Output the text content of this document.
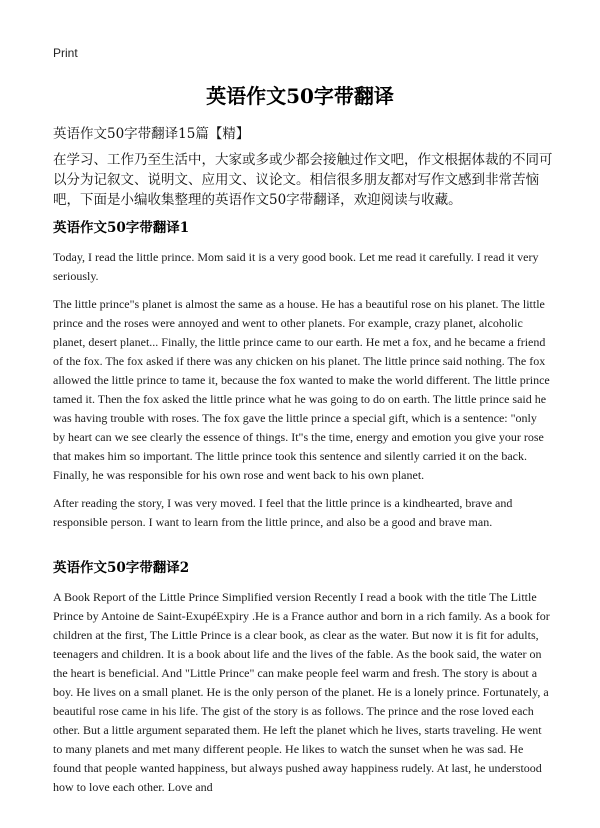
Print
英语作文50字带翻译
英语作文50字带翻译15篇【精】

在学习、工作乃至生活中，大家或多或少都会接触过作文吧，作文根据体裁的不同可以分为记叙文、说明文、应用文、议论文。相信很多朋友都对写作文感到非常苦恼吧，下面是小编收集整理的英语作文50字带翻译，欢迎阅读与收藏。

英语作文50字带翻译1

Today, I read the little prince. Mom said it is a very good book. Let me read it carefully. I read it very seriously.

The little prince"s planet is almost the same as a house. He has a beautiful rose on his planet. The little prince and the roses were annoyed and went to other planets. For example, crazy planet, alcoholic planet, desert planet... Finally, the little prince came to our earth. He met a fox, and he became a friend of the fox. The fox asked if there was any chicken on his planet. The little prince said nothing. The fox allowed the little prince to tame it, because the fox wanted to make the world different. The little prince tamed it. Then the fox asked the little prince what he was going to do on earth. The little prince said he was having trouble with roses. The fox gave the little prince a special gift, which is a sentence: "only by heart can we see clearly the essence of things. It"s the time, energy and emotion you give your rose that makes him so important. The little prince took this sentence and silently carried it on the back. Finally, he was responsible for his own rose and went back to his own planet.

After reading the story, I was very moved. I feel that the little prince is a kindhearted, brave and responsible person. I want to learn from the little prince, and also be a good and brave man.

英语作文50字带翻译2

A Book Report of the Little Prince Simplified version Recently I read a book with the title The Little Prince by Antoine de Saint-ExupéExpiry .He is a France author and born in a rich family. As a book for children at the first, The Little Prince is a clear book, as clear as the water. But now it is fit for adults, teenagers and children. It is a book about life and the lives of the fable. As the book said, the water on the heart is beneficial. And "Little Prince" can make people feel warm and fresh. The story is about a boy. He lives on a small planet. He is the only person of the planet. He is a lonely prince. Fortunately, a beautiful rose came in his life. The gist of the story is as follows. The prince and the rose loved each other. But a little argument separated them. He left the planet which he lives, starts traveling. He went to many planets and met many different people. He likes to watch the sunset when he was sad. He found that people wanted happiness, but always pushed away happiness rudely. At last, he understood how to love each other. Love and
